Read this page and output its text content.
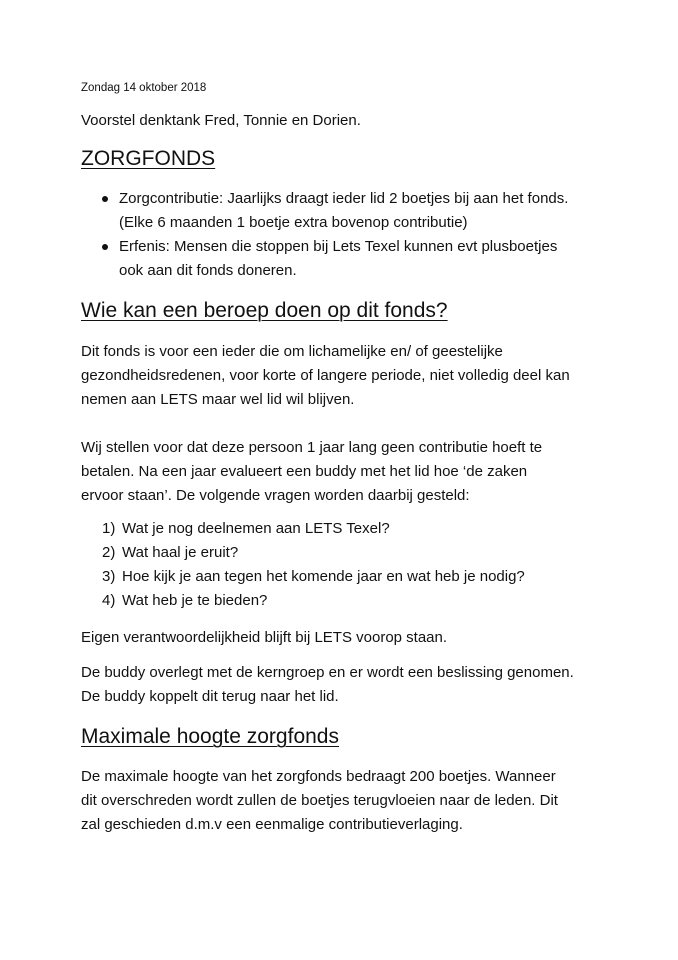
Zondag 14 oktober 2018
Voorstel denktank Fred, Tonnie en Dorien.
ZORGFONDS
Zorgcontributie: Jaarlijks draagt ieder lid 2 boetjes bij aan het fonds.
(Elke 6 maanden 1 boetje extra bovenop contributie)
Erfenis: Mensen die stoppen bij Lets Texel kunnen evt plusboetjes
ook aan dit fonds doneren.
Wie kan een beroep doen op dit fonds?

Dit fonds is voor een ieder die om lichamelijke en/ of geestelijke
gezondheidsredenen, voor korte of langere periode, niet volledig deel kan
nemen aan LETS maar wel lid wil blijven.

Wij stellen voor dat deze persoon 1 jaar lang geen contributie hoeft te
betalen. Na een jaar evalueert een buddy met het lid hoe ‘de zaken
ervoor staan’. De volgende vragen worden daarbij gesteld:

1) Wat je nog deelnemen aan LETS Texel?
2) Wat haal je eruit?
3) Hoe kijk je aan tegen het komende jaar en wat heb je nodig?
4) Wat heb je te bieden?

Eigen verantwoordelijkheid blijft bij LETS voorop staan.

De buddy overlegt met de kerngroep en er wordt een beslissing genomen.
De buddy koppelt dit terug naar het lid.

Maximale hoogte zorgfonds

De maximale hoogte van het zorgfonds bedraagt 200 boetjes. Wanneer
dit overschreden wordt zullen de boetjes terugvloeien naar de leden. Dit
zal geschieden d.m.v een eenmalige contributieverlaging.
